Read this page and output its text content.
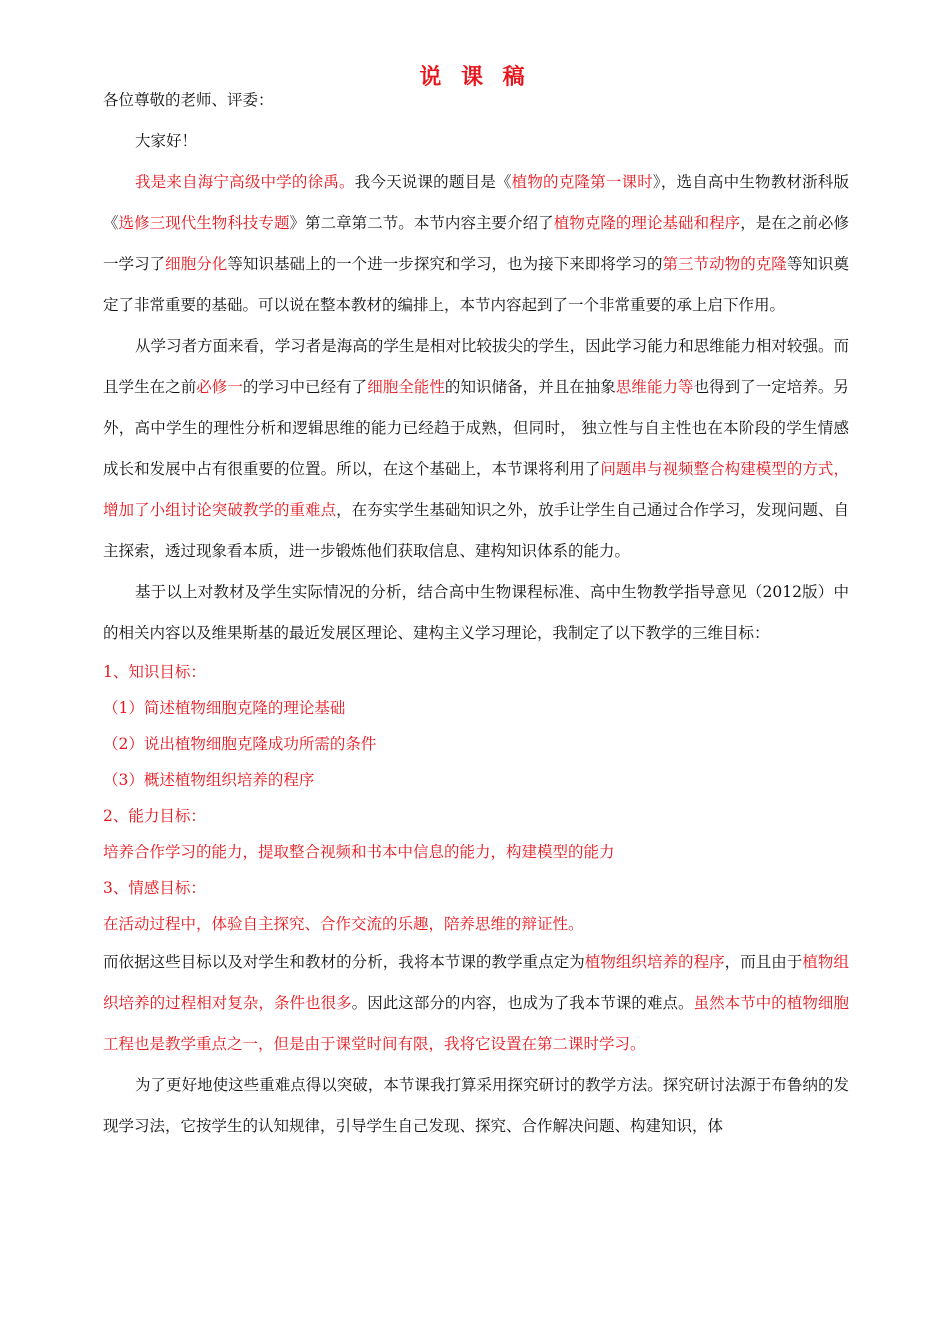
说 课 稿

各位尊敬的老师、评委：

大家好！

我是来自海宁高级中学的徐禹。我今天说课的题目是《植物的克隆第一课时》，选自高中生物教材浙科版《选修三现代生物科技专题》第二章第二节。本节内容主要介绍了植物克隆的理论基础和程序，是在之前必修一学习了细胞分化等知识基础上的一个进一步探究和学习，也为接下来即将学习的第三节动物的克隆等知识奠定了非常重要的基础。可以说在整本教材的编排上，本节内容起到了一个非常重要的承上启下作用。

从学习者方面来看，学习者是海高的学生是相对比较拔尖的学生，因此学习能力和思维能力相对较强。而且学生在之前必修一的学习中已经有了细胞全能性的知识储备，并且在抽象思维能力等也得到了一定培养。另外，高中学生的理性分析和逻辑思维的能力已经趋于成熟，但同时， 独立性与自主性也在本阶段的学生情感成长和发展中占有很重要的位置。所以，在这个基础上，本节课将利用了问题串与视频整合构建模型的方式，增加了小组讨论突破教学的重难点，在夯实学生基础知识之外，放手让学生自己通过合作学习，发现问题、自主探索，透过现象看本质，进一步锻炼他们获取信息、建构知识体系的能力。

基于以上对教材及学生实际情况的分析，结合高中生物课程标准、高中生物教学指导意见（2012版）中的相关内容以及维果斯基的最近发展区理论、建构主义学习理论，我制定了以下教学的三维目标：

1、知识目标：

（1）简述植物细胞克隆的理论基础

（2）说出植物细胞克隆成功所需的条件

（3）概述植物组织培养的程序

2、能力目标：

培养合作学习的能力，提取整合视频和书本中信息的能力，构建模型的能力

3、情感目标：

在活动过程中，体验自主探究、合作交流的乐趣，陪养思维的辩证性。

而依据这些目标以及对学生和教材的分析，我将本节课的教学重点定为植物组织培养的程序，而且由于植物组织培养的过程相对复杂，条件也很多。因此这部分的内容，也成为了我本节课的难点。虽然本节中的植物细胞工程也是教学重点之一，但是由于课堂时间有限，我将它设置在第二课时学习。

为了更好地使这些重难点得以突破，本节课我打算采用探究研讨的教学方法。探究研讨法源于布鲁纳的发现学习法，它按学生的认知规律，引导学生自己发现、探究、合作解决问题、构建知识，体
